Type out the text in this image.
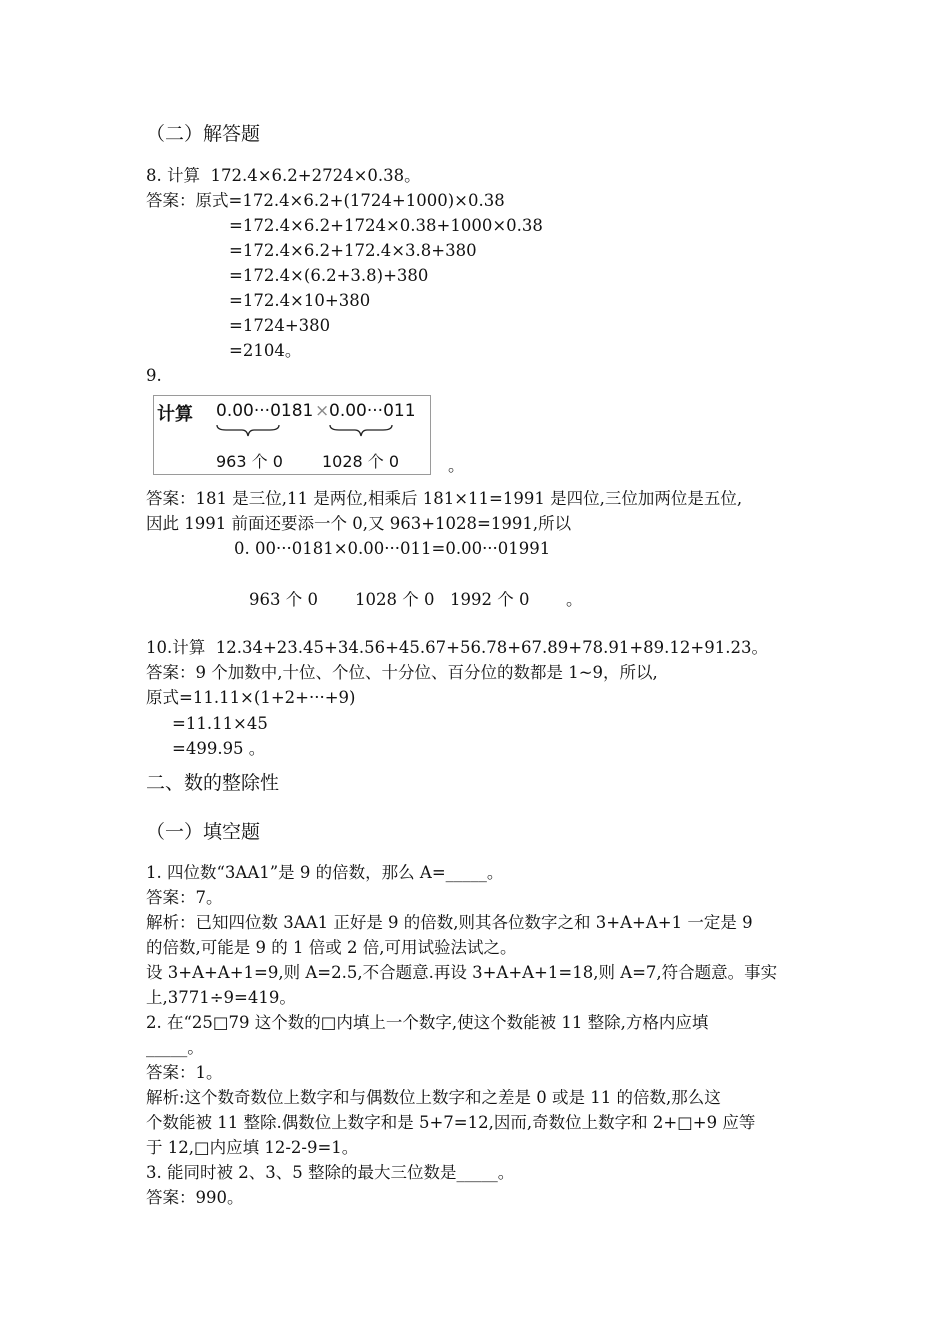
（二）解答题
8. 计算  172.4×6.2+2724×0.38。
答案：原式=172.4×6.2+(1724+1000)×0.38
=172.4×6.2+1724×0.38+1000×0.38
=172.4×6.2+172.4×3.8+380
=172.4×(6.2+3.8)+380
=172.4×10+380
=1724+380
=2104。
9.
计算 0.00···0181 × 0.00···011
963 个 0 1028 个 0	。
答案：181 是三位,11 是两位,相乘后 181×11=1991 是四位,三位加两位是五位,
因此 1991 前面还要添一个 0,又 963+1028=1991,所以
0. 00···0181×0.00···011=0.00···01991
963 个 0 1028 个 0 1992 个 0 。
10.计算  12.34+23.45+34.56+45.67+56.78+67.89+78.91+89.12+91.23。
答案：9 个加数中,十位、个位、十分位、百分位的数都是 1~9，所以,
原式=11.11×(1+2+···+9)
=11.11×45
=499.95 。
二、数的整除性
（一）填空题
1. 四位数“3AA1”是 9 的倍数，那么 A=_____。
答案：7。
解析：已知四位数 3AA1 正好是 9 的倍数,则其各位数字之和 3+A+A+1 一定是 9
的倍数,可能是 9 的 1 倍或 2 倍,可用试验法试之。
设 3+A+A+1=9,则 A=2.5,不合题意.再设 3+A+A+1=18,则 A=7,符合题意。事实
上,3771÷9=419。
2. 在“25□79 这个数的□内填上一个数字,使这个数能被 11 整除,方格内应填
_____。
答案：1。
解析:这个数奇数位上数字和与偶数位上数字和之差是 0 或是 11 的倍数,那么这
个数能被 11 整除.偶数位上数字和是 5+7=12,因而,奇数位上数字和 2+□+9 应等
于 12,□内应填 12-2-9=1。
3. 能同时被 2、3、5 整除的最大三位数是_____。
答案：990。
